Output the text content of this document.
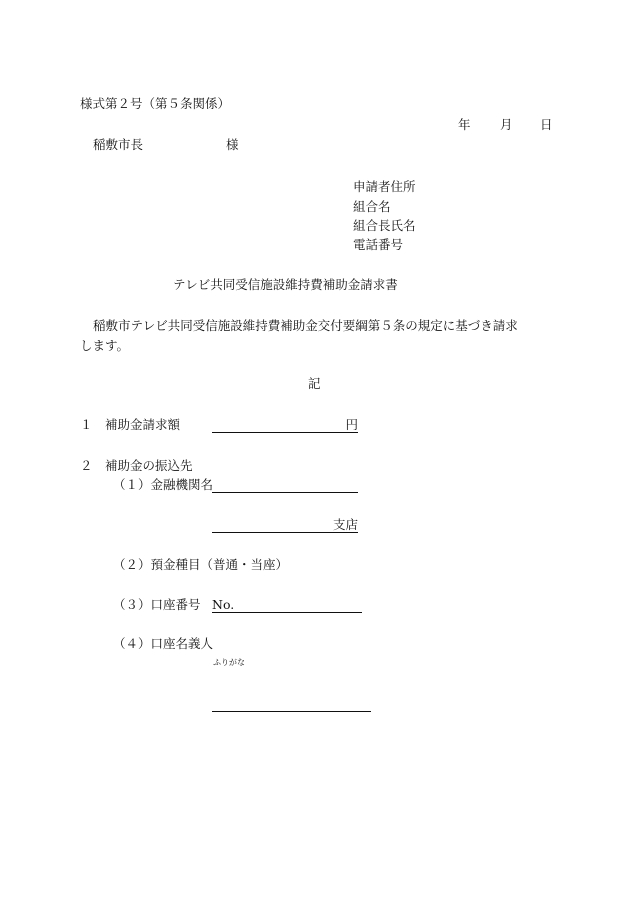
様式第２号（第５条関係）
年 月 日
稲敷市長	様
申請者住所
組合名
組合長氏名
電話番号
テレビ共同受信施設維持費補助金請求書
稲敷市テレビ共同受信施設維持費補助金交付要綱第５条の規定に基づき請求
します。
記
１ 補助金請求額	円
２ 補助金の振込先
（１）金融機関名
支店
（２）預金種目（普通・当座）
（３）口座番号 No.
（４）口座名義人
ふりがな
